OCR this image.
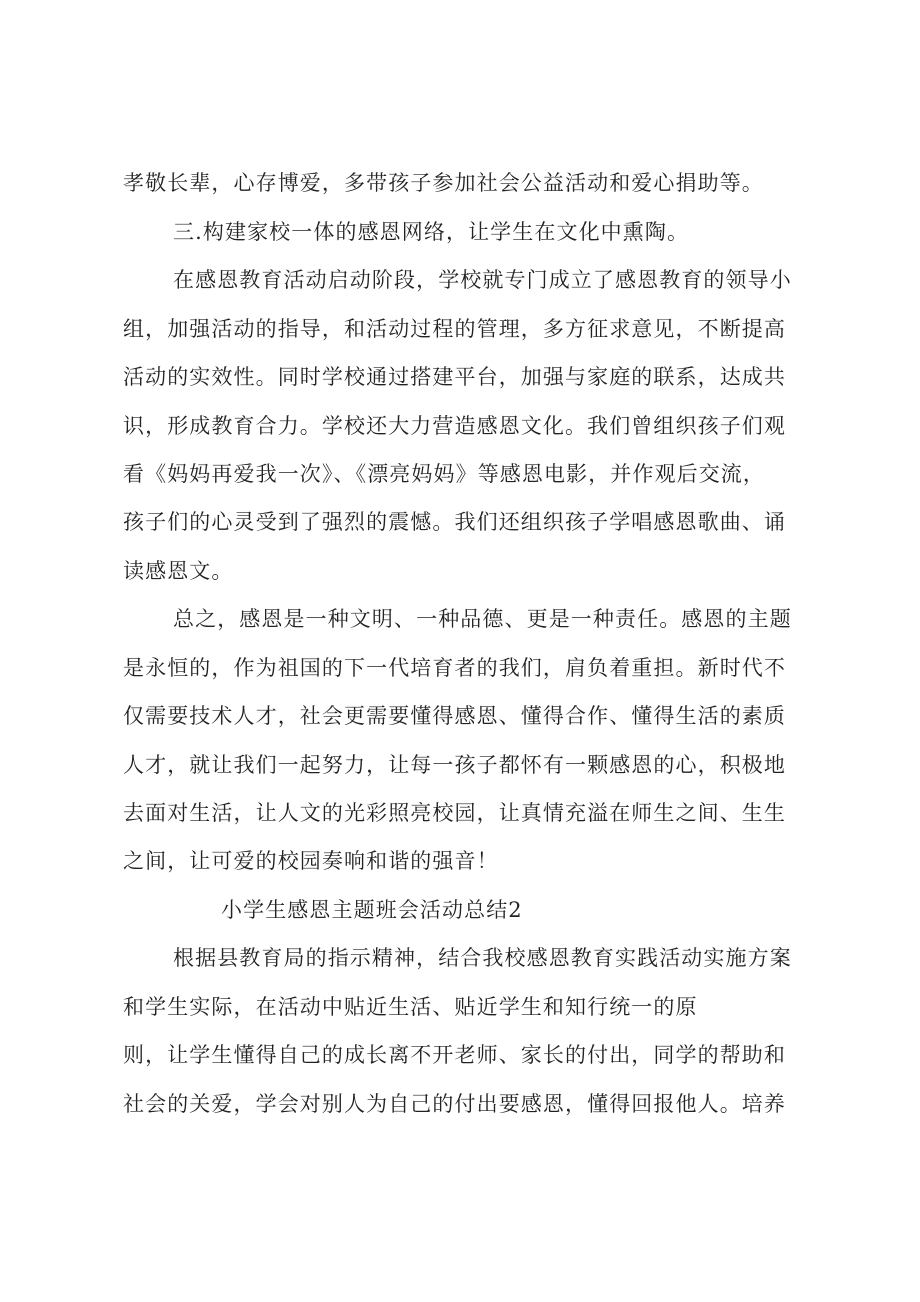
孝敬长辈，心存博爱，多带孩子参加社会公益活动和爱心捐助等。
三.构建家校一体的感恩网络，让学生在文化中熏陶。
在感恩教育活动启动阶段，学校就专门成立了感恩教育的领导小
组，加强活动的指导，和活动过程的管理，多方征求意见，不断提高
活动的实效性。同时学校通过搭建平台，加强与家庭的联系，达成共
识，形成教育合力。学校还大力营造感恩文化。我们曾组织孩子们观
看《妈妈再爱我一次》、《漂亮妈妈》等感恩电影，并作观后交流，
孩子们的心灵受到了强烈的震憾。我们还组织孩子学唱感恩歌曲、诵
读感恩文。
总之，感恩是一种文明、一种品德、更是一种责任。感恩的主题
是永恒的，作为祖国的下一代培育者的我们，肩负着重担。新时代不
仅需要技术人才，社会更需要懂得感恩、懂得合作、懂得生活的素质
人才，就让我们一起努力，让每一孩子都怀有一颗感恩的心，积极地
去面对生活，让人文的光彩照亮校园，让真情充溢在师生之间、生生
之间，让可爱的校园奏响和谐的强音！
小学生感恩主题班会活动总结2
根据县教育局的指示精神，结合我校感恩教育实践活动实施方案
和学生实际，在活动中贴近生活、贴近学生和知行统一的原
则，让学生懂得自己的成长离不开老师、家长的付出，同学的帮助和
社会的关爱，学会对别人为自己的付出要感恩，懂得回报他人。培养
